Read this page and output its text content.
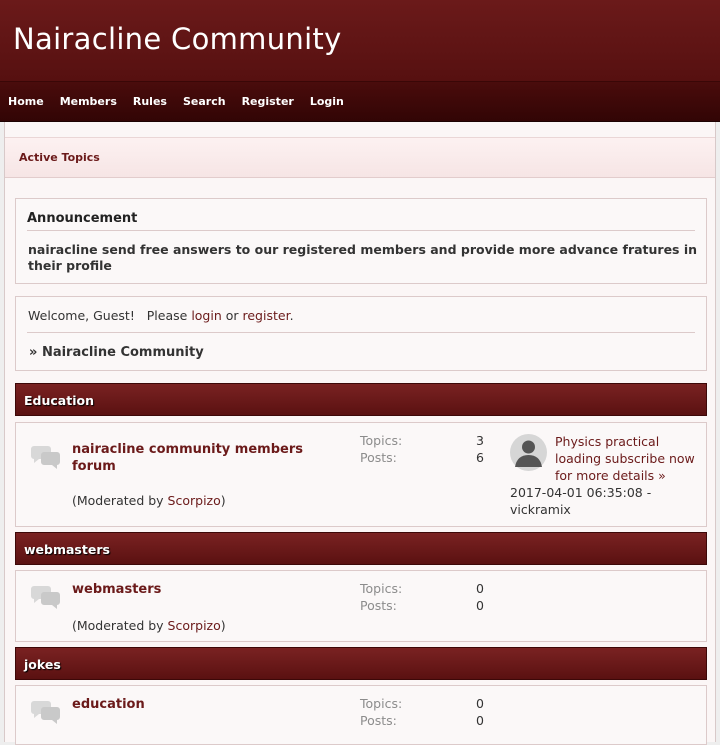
Nairacline Community
Home Members Rules Search Register Login
Active Topics
Announcement
nairacline send free answers to our registered members and provide more advance fratures in their profile
Welcome, Guest!   Please login or register.
» Nairacline Community
Education
nairacline community members forum
(Moderated by Scorpizo)
Topics:	3
Posts:	6
Physics practical loading subscribe now for more details »
2017-04-01 06:35:08 - vickramix
webmasters
webmasters
(Moderated by Scorpizo)
Topics:	0
Posts:	0
jokes
education	Topics:	0
Posts:	0
